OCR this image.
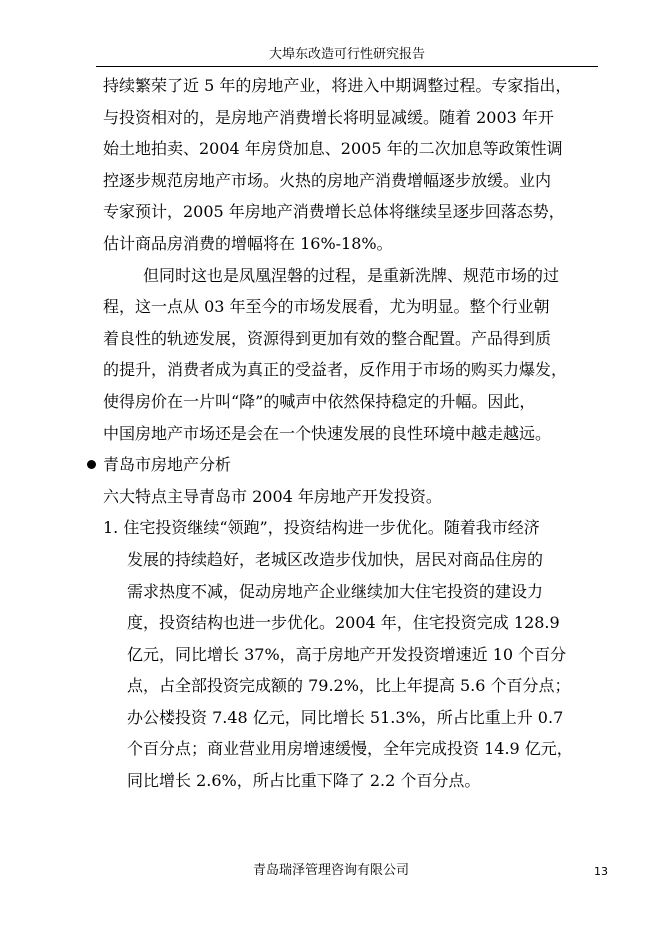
大埠东改造可行性研究报告
持续繁荣了近 5 年的房地产业，将进入中期调整过程。专家指出，
与投资相对的，是房地产消费增长将明显减缓。随着 2003 年开
始土地拍卖、2004 年房贷加息、2005 年的二次加息等政策性调
控逐步规范房地产市场。火热的房地产消费增幅逐步放缓。业内
专家预计，2005 年房地产消费增长总体将继续呈逐步回落态势，
估计商品房消费的增幅将在 16%-18%。
但同时这也是凤凰涅磐的过程，是重新洗牌、规范市场的过
程，这一点从 03 年至今的市场发展看，尤为明显。整个行业朝
着良性的轨迹发展，资源得到更加有效的整合配置。产品得到质
的提升，消费者成为真正的受益者，反作用于市场的购买力爆发，
使得房价在一片叫“降”的喊声中依然保持稳定的升幅。因此，
中国房地产市场还是会在一个快速发展的良性环境中越走越远。
青岛市房地产分析
六大特点主导青岛市 2004 年房地产开发投资。
1. 住宅投资继续“领跑”，投资结构进一步优化。随着我市经济
发展的持续趋好，老城区改造步伐加快，居民对商品住房的
需求热度不减，促动房地产企业继续加大住宅投资的建设力
度，投资结构也进一步优化。2004 年，住宅投资完成 128.9
亿元，同比增长 37%，高于房地产开发投资增速近 10 个百分
点，占全部投资完成额的 79.2%，比上年提高 5.6 个百分点；
办公楼投资 7.48 亿元，同比增长 51.3%，所占比重上升 0.7
个百分点；商业营业用房增速缓慢，全年完成投资 14.9 亿元，
同比增长 2.6%，所占比重下降了 2.2 个百分点。
青岛瑞泽管理咨询有限公司	13
